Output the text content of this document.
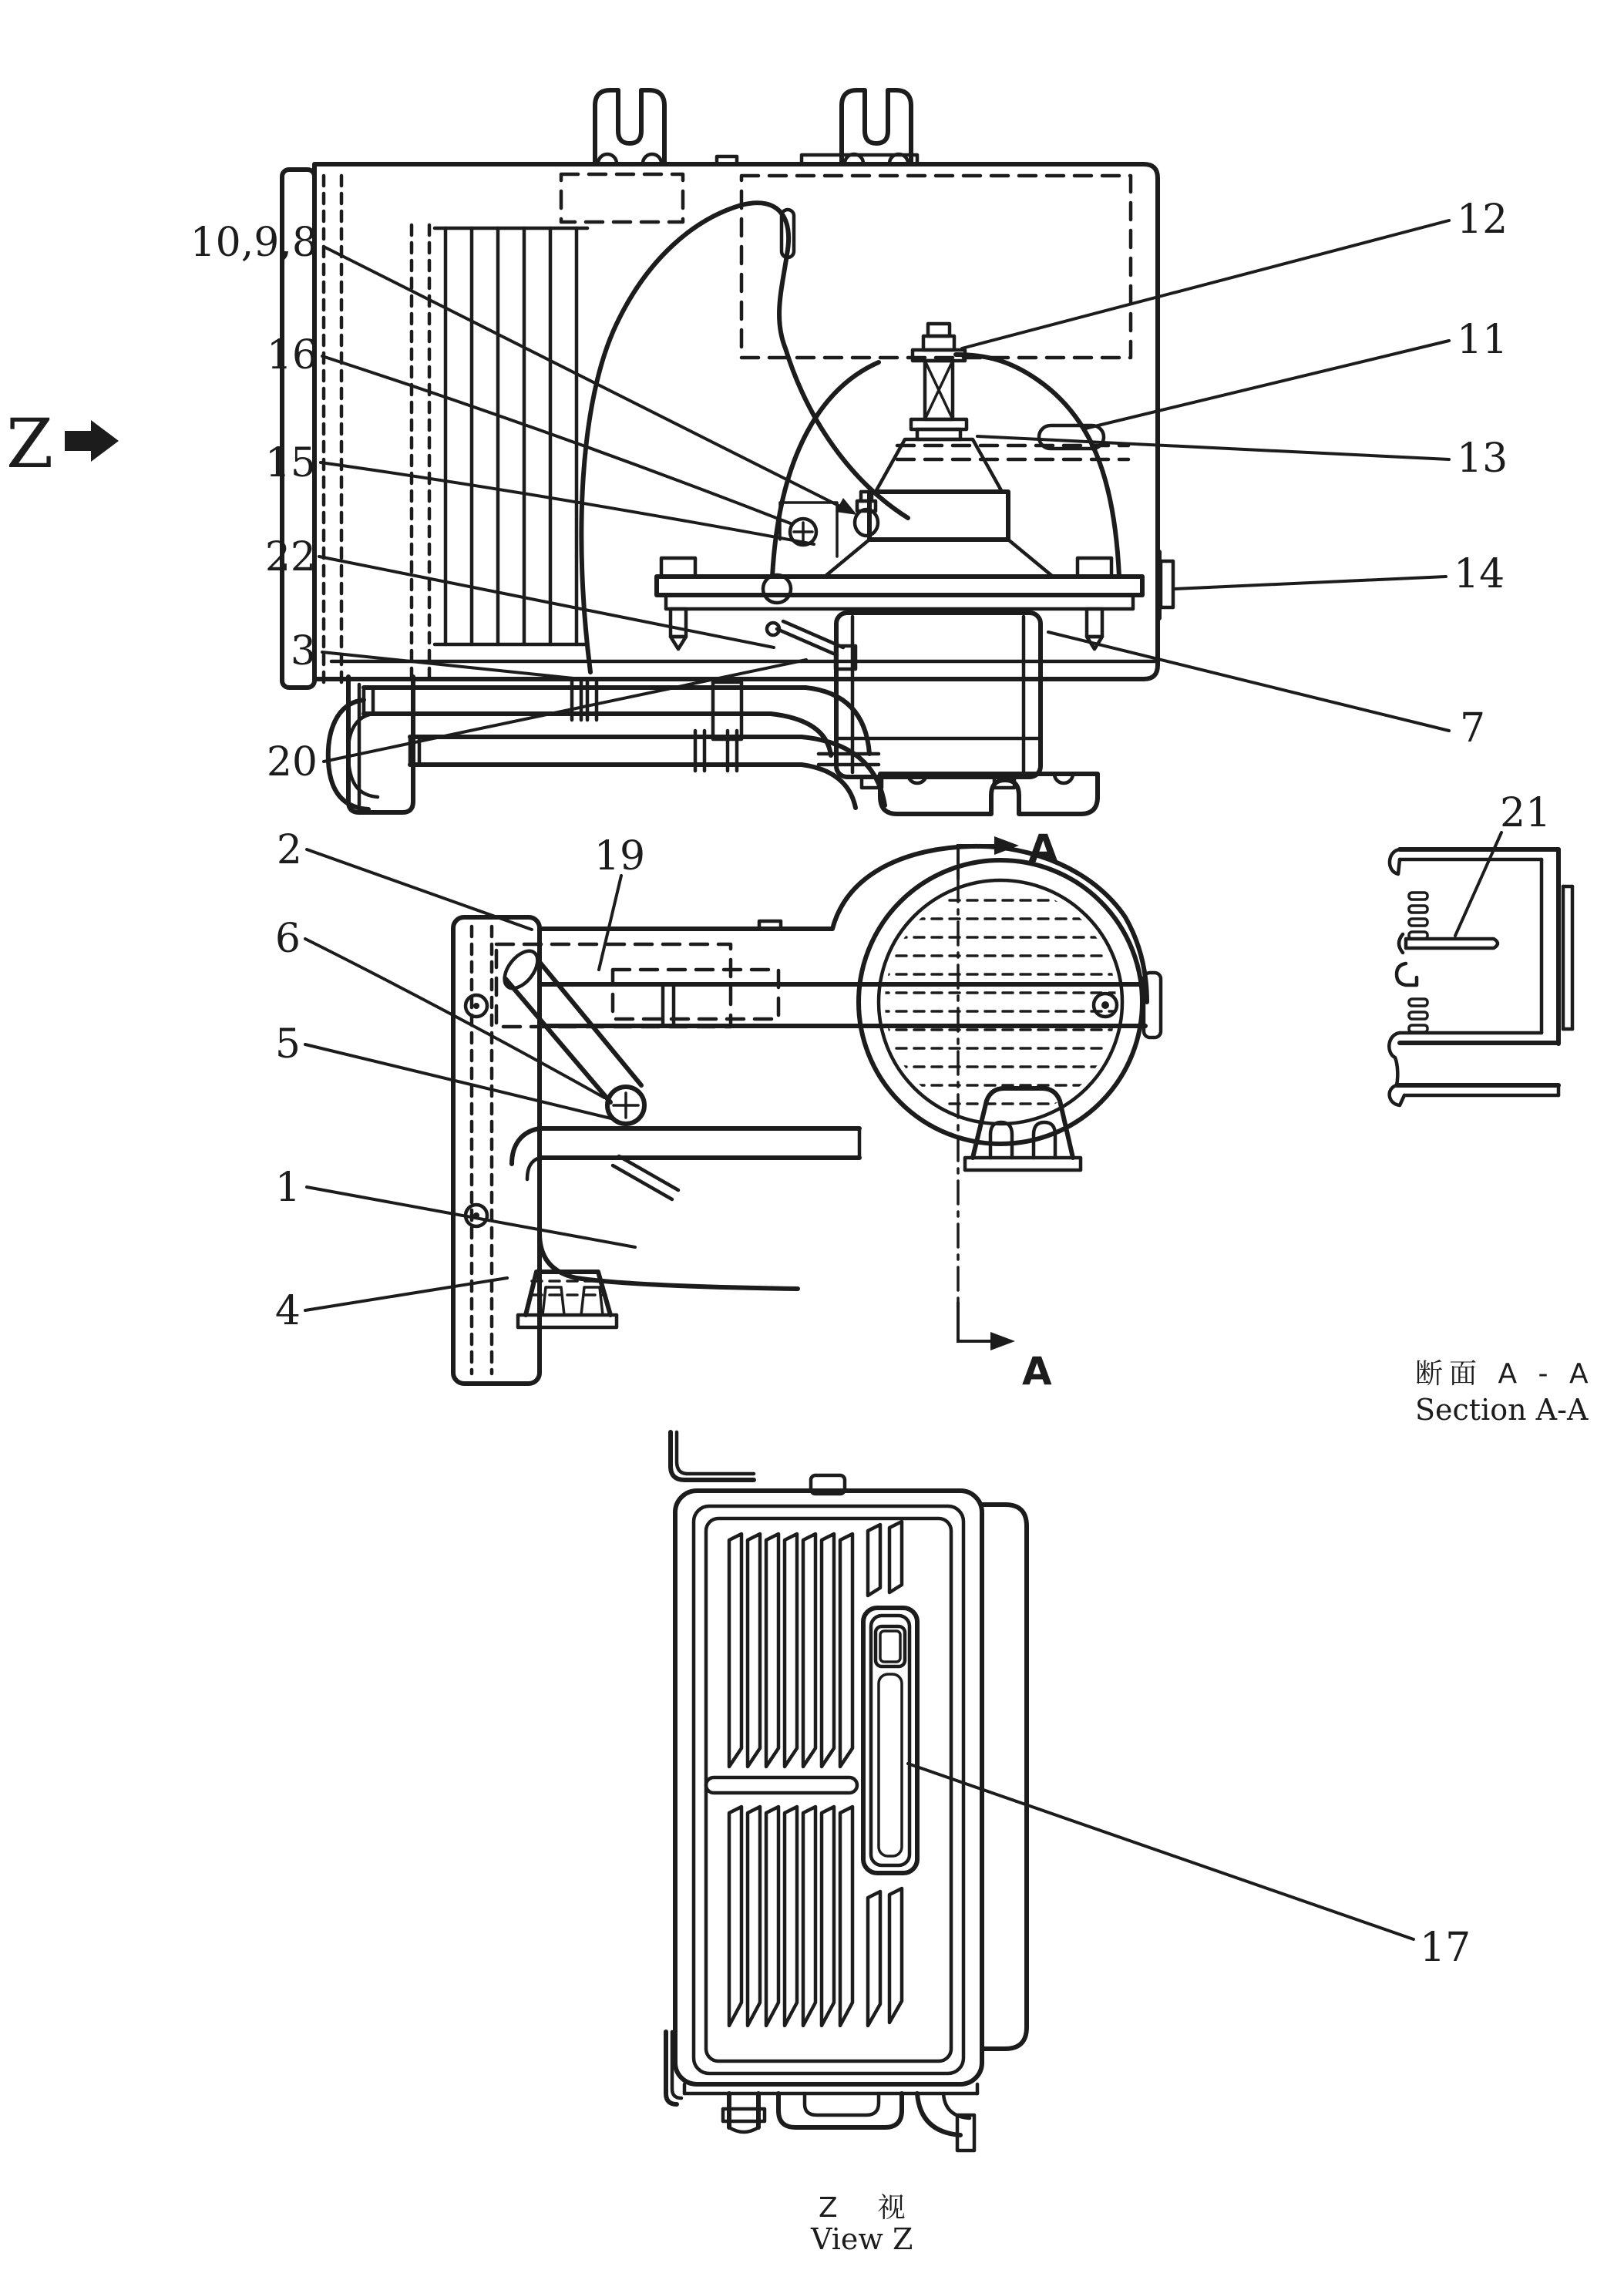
Z
10,9,8
16
15
22
3
20
12
11
13
14
7
A
A
2
6
5
1
4
19
21
断面 A - A
Section A-A
17
Z　视
View Z
